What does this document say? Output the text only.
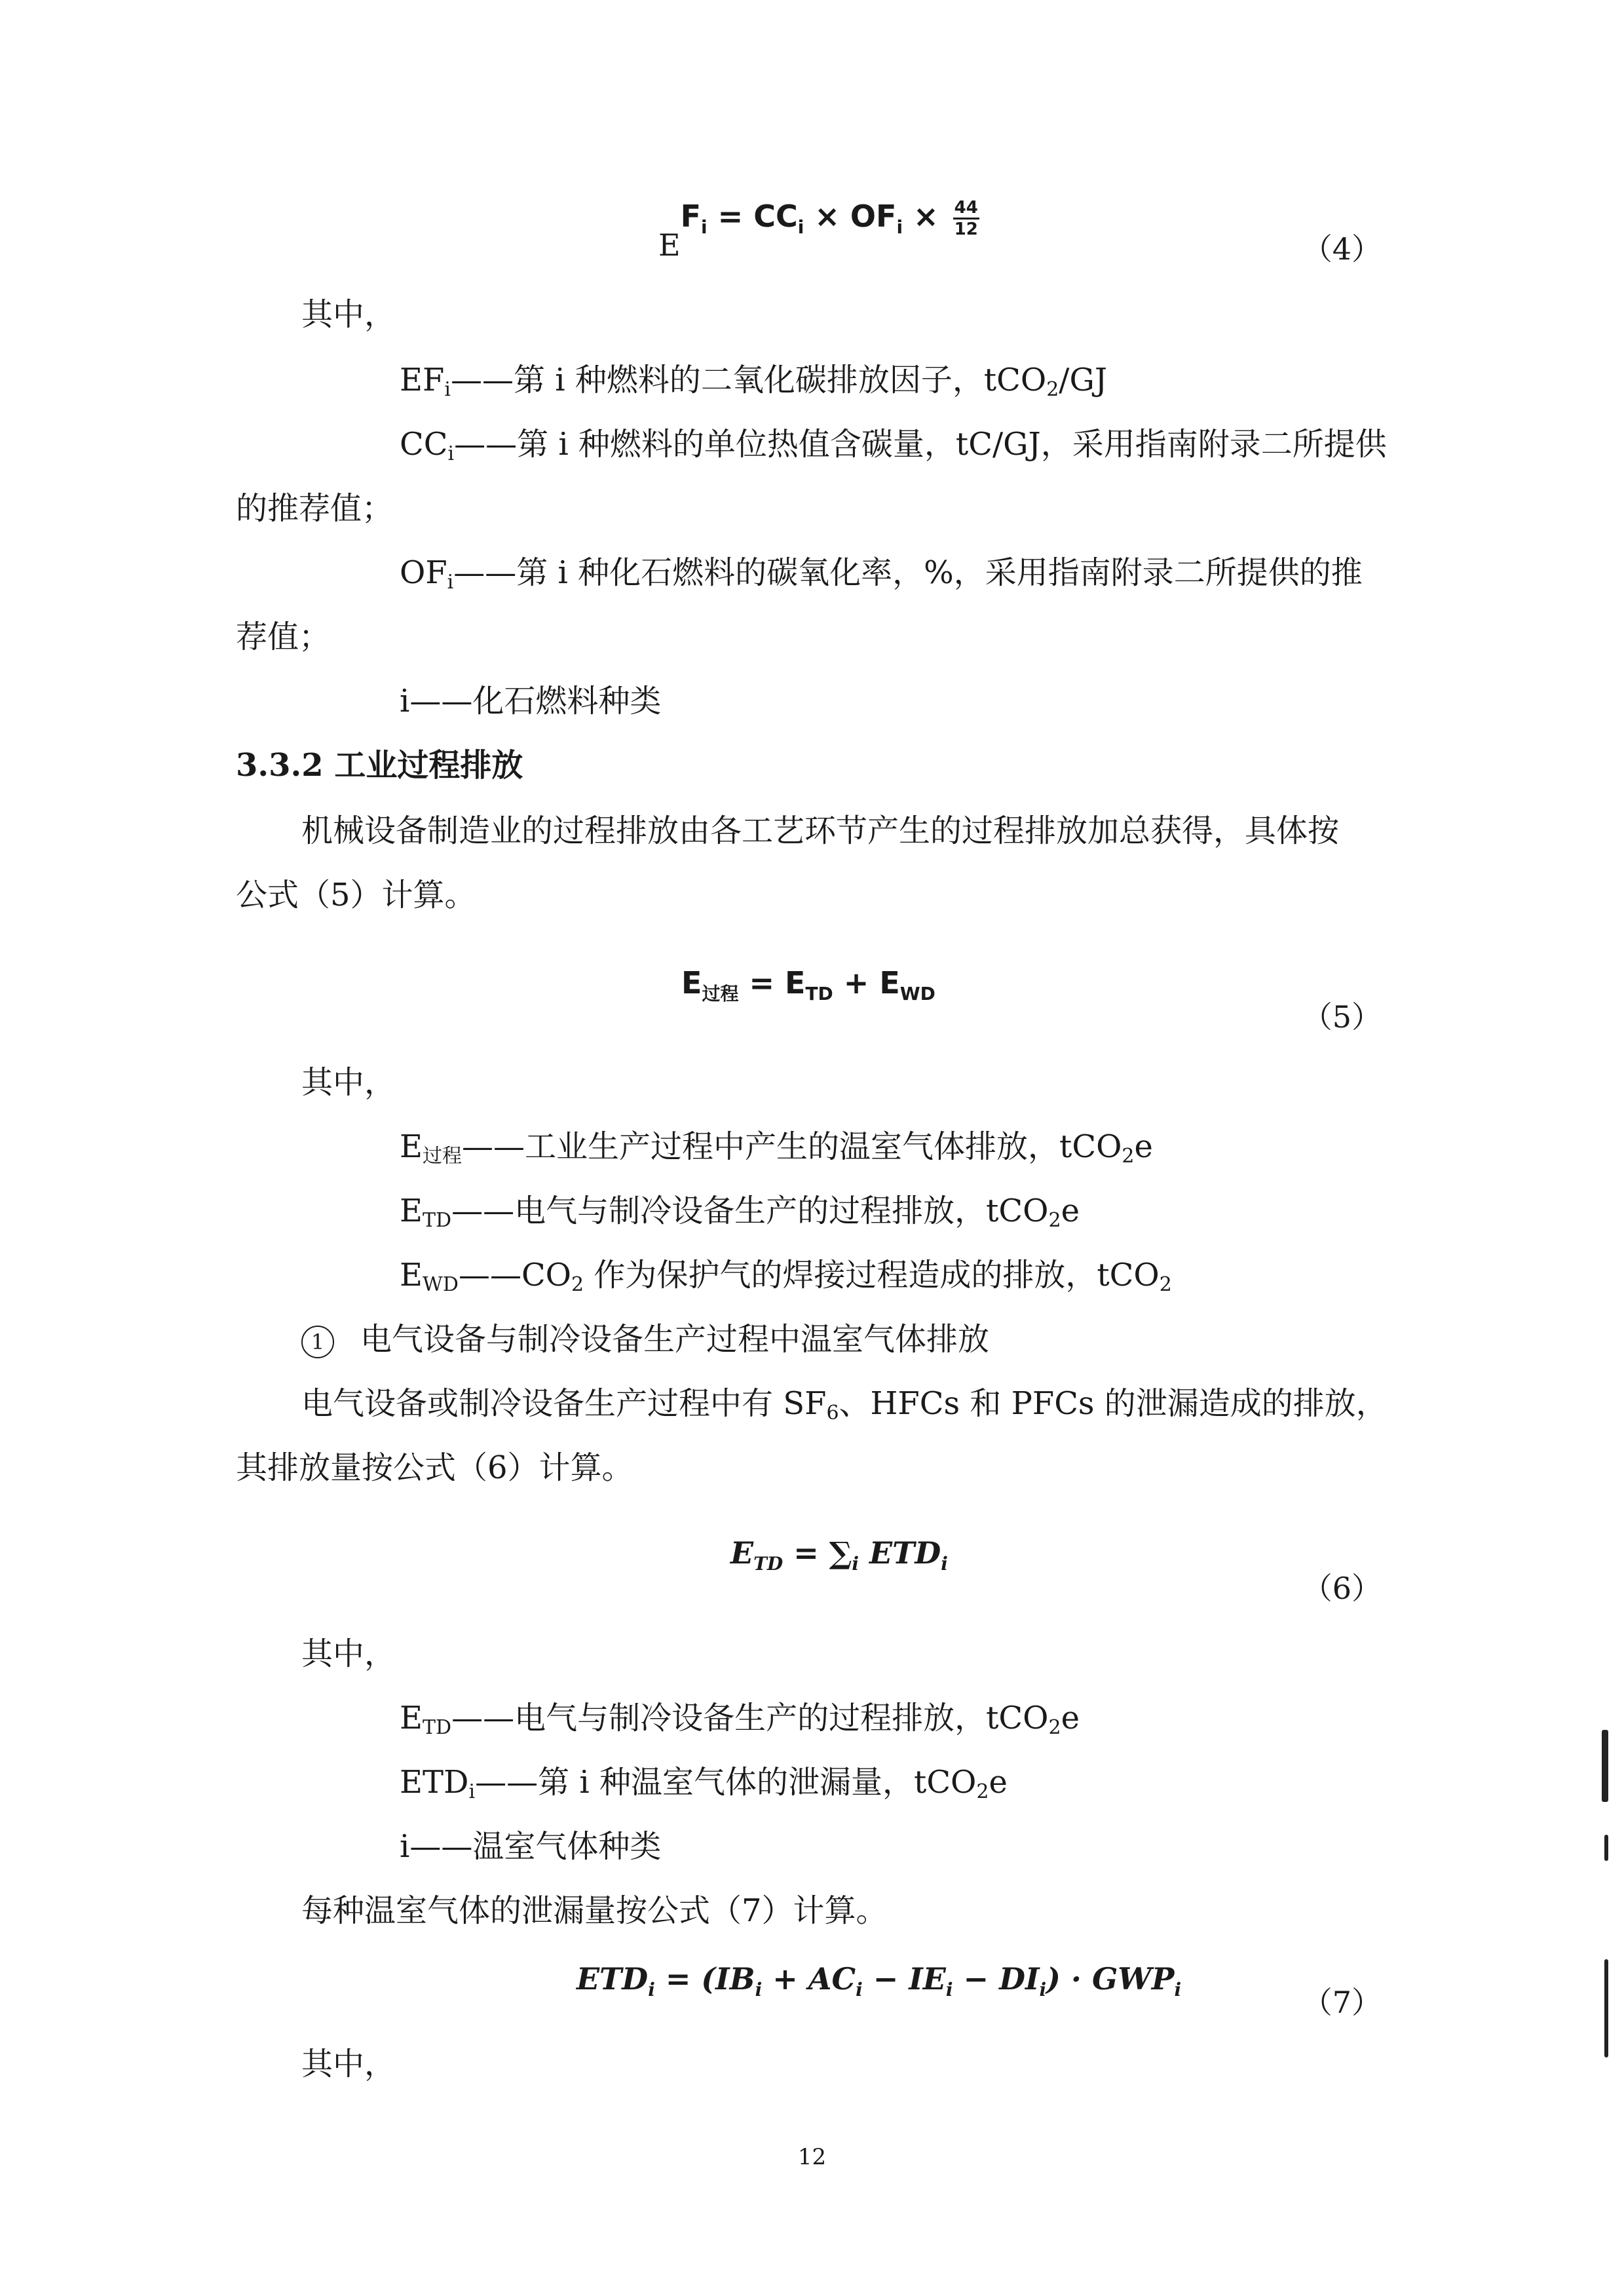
$EF_i = CC_i \times OF_i \times \frac{44}{12}$
（4）
其中，
$EF_i——$第 i 种燃料的二氧化碳排放因子，tCO$_2$/GJ
$CC_i——$第 i 种燃料的单位热值含碳量，tC/GJ，采用指南附录二所提供
的推荐值；
$OF_i——$第 i 种化石燃料的碳氧化率，%，采用指南附录二所提供的推
荐值；
i——化石燃料种类
3.3.2 工业过程排放
机械设备制造业的过程排放由各工艺环节产生的过程排放加总获得，具体按
公式（5）计算。
$E_{过程} = E_{TD} + E_{WD}$
（5）
其中，
$E_{过程}——$工业生产过程中产生的温室气体排放，tCO$_2$e
$E_{TD}——$电气与制冷设备生产的过程排放，tCO$_2$e
$E_{WD}——CO_2$ 作为保护气的焊接过程造成的排放，tCO$_2$
1 电气设备与制冷设备生产过程中温室气体排放
电气设备或制冷设备生产过程中有 $SF_6$、HFCs 和 PFCs 的泄漏造成的排放，
其排放量按公式（6）计算。
$E_{TD} = \sum_i$ $ETD_i$
（6）
其中，
$E_{TD}——$电气与制冷设备生产的过程排放，tCO$_2$e
$ETD_i——$第 i 种温室气体的泄漏量，tCO$_2$e
i——温室气体种类
每种温室气体的泄漏量按公式（7）计算。
$ETD_i = (IB_i + AC_i - IE_i - DI_i) \cdot GWP_i$	（7）
其中，
12
